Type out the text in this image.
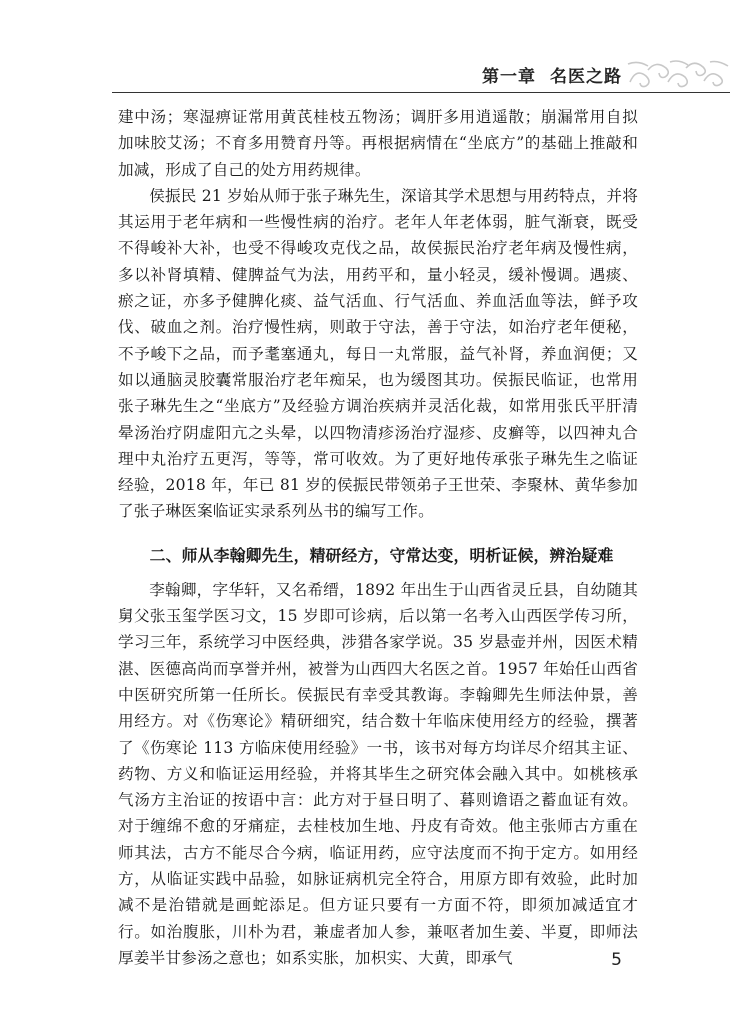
第一章 名医之路

建中汤；寒湿痹证常用黄芪桂枝五物汤；调肝多用逍遥散；崩漏常用自拟加味胶艾汤；不育多用赞育丹等。再根据病情在“坐底方”的基础上推敲和加减，形成了自己的处方用药规律。

侯振民 21 岁始从师于张子琳先生，深谙其学术思想与用药特点，并将其运用于老年病和一些慢性病的治疗。老年人年老体弱，脏气渐衰，既受不得峻补大补，也受不得峻攻克伐之品，故侯振民治疗老年病及慢性病，多以补肾填精、健脾益气为法，用药平和，量小轻灵，缓补慢调。遇痰、瘀之证，亦多予健脾化痰、益气活血、行气活血、养血活血等法，鲜予攻伐、破血之剂。治疗慢性病，则敢于守法，善于守法，如治疗老年便秘，不予峻下之品，而予耄塞通丸，每日一丸常服，益气补肾，养血润便；又如以通脑灵胶囊常服治疗老年痴呆，也为缓图其功。侯振民临证，也常用张子琳先生之“坐底方”及经验方调治疾病并灵活化裁，如常用张氏平肝清晕汤治疗阴虚阳亢之头晕，以四物清疹汤治疗湿疹、皮癣等，以四神丸合理中丸治疗五更泻，等等，常可收效。为了更好地传承张子琳先生之临证经验，2018 年，年已 81 岁的侯振民带领弟子王世荣、李聚林、黄华参加了张子琳医案临证实录系列丛书的编写工作。

二、师从李翰卿先生，精研经方，守常达变，明析证候，辨治疑难

李翰卿，字华轩，又名希缙，1892 年出生于山西省灵丘县，自幼随其舅父张玉玺学医习文，15 岁即可诊病，后以第一名考入山西医学传习所，学习三年，系统学习中医经典，涉猎各家学说。35 岁悬壶并州，因医术精湛、医德高尚而享誉并州，被誉为山西四大名医之首。1957 年始任山西省中医研究所第一任所长。侯振民有幸受其教诲。李翰卿先生师法仲景，善用经方。对《伤寒论》精研细究，结合数十年临床使用经方的经验，撰著了《伤寒论 113 方临床使用经验》一书，该书对每方均详尽介绍其主证、药物、方义和临证运用经验，并将其毕生之研究体会融入其中。如桃核承气汤方主治证的按语中言：此方对于昼日明了、暮则谵语之蓄血证有效。对于缠绵不愈的牙痛症，去桂枝加生地、丹皮有奇效。他主张师古方重在师其法，古方不能尽合今病，临证用药，应守法度而不拘于定方。如用经方，从临证实践中品验，如脉证病机完全符合，用原方即有效验，此时加减不是治错就是画蛇添足。但方证只要有一方面不符，即须加减适宜才行。如治腹胀，川朴为君，兼虚者加人参，兼呕者加生姜、半夏，即师法厚姜半甘参汤之意也；如系实胀，加枳实、大黄，即承气	5
